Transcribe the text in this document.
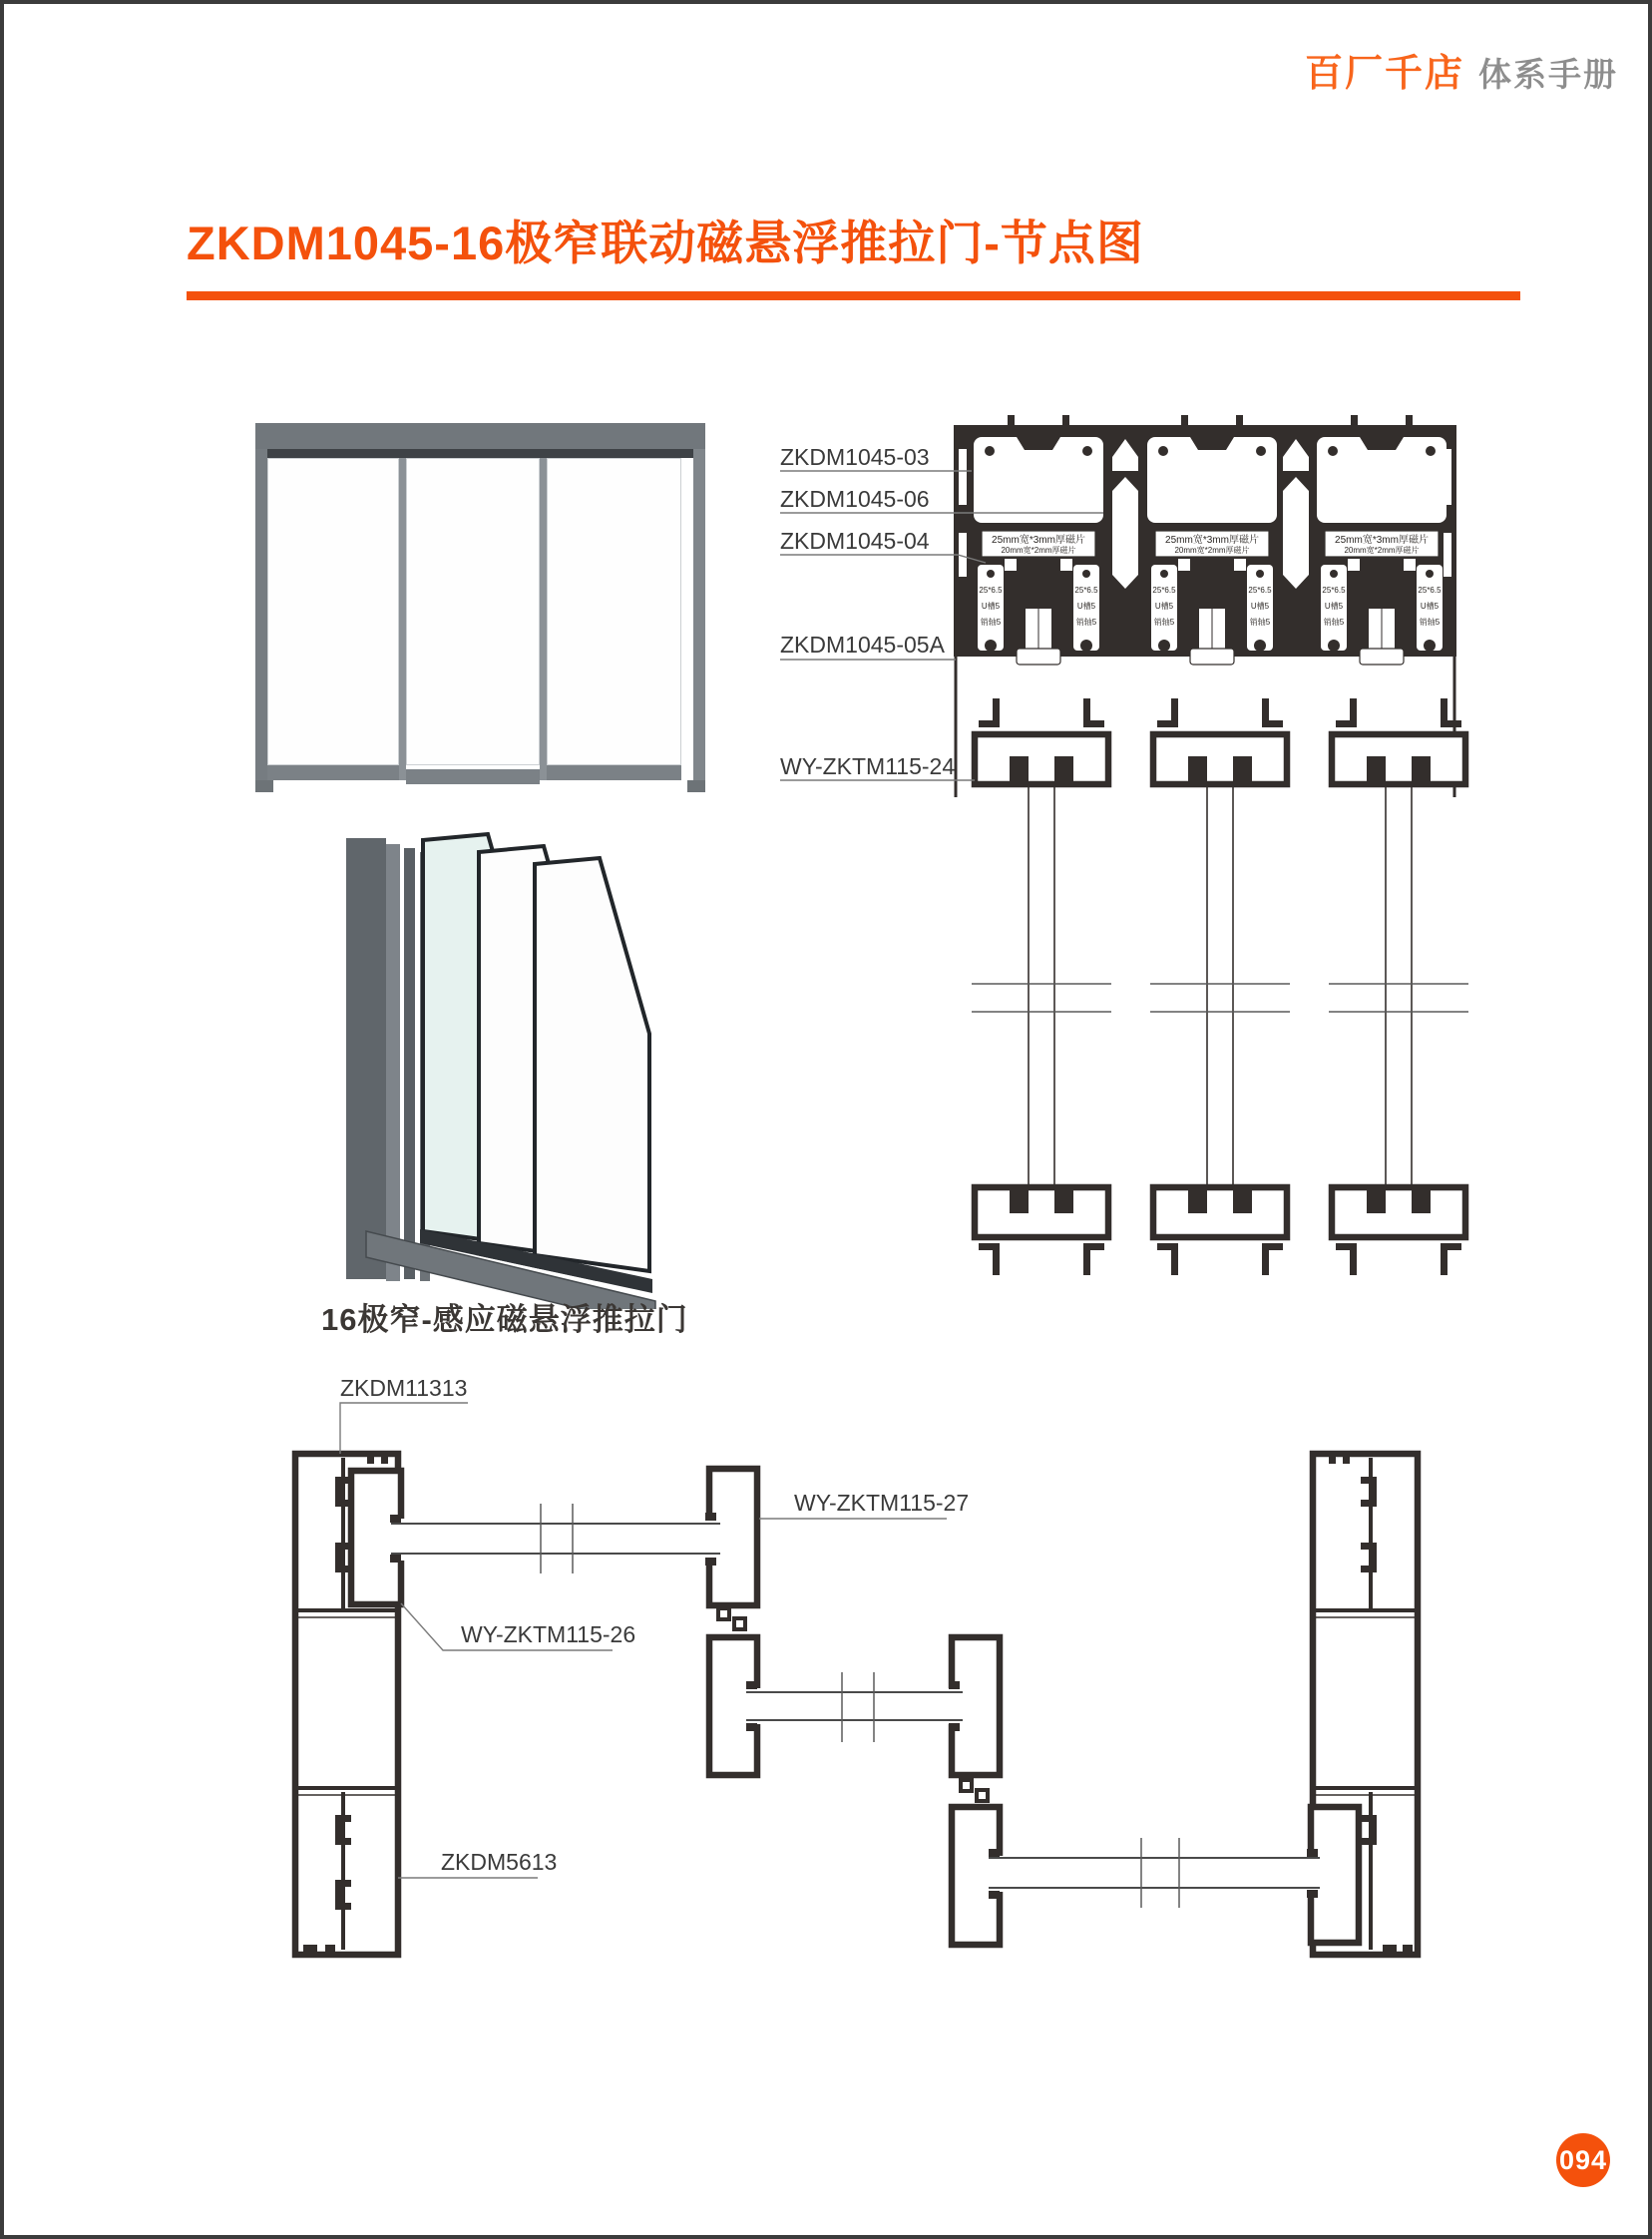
百厂千店 体系手册
ZKDM1045-16极窄联动磁悬浮推拉门-节点图
16极窄-感应磁悬浮推拉门
25mm宽*3mm厚磁片
20mm宽*2mm厚磁片
25*6.5
U槽5
销轴5
25*6.5
U槽5
销轴5
25mm宽*3mm厚磁片
20mm宽*2mm厚磁片
25*6.5
U槽5
销轴5
25*6.5
U槽5
销轴5
25mm宽*3mm厚磁片
20mm宽*2mm厚磁片
25*6.5
U槽5
销轴5
25*6.5
U槽5
销轴5
ZKDM1045-03
ZKDM1045-06
ZKDM1045-04
ZKDM1045-05A
WY-ZKTM115-24
ZKDM11313
WY-ZKTM115-27
WY-ZKTM115-26
ZKDM5613
094
